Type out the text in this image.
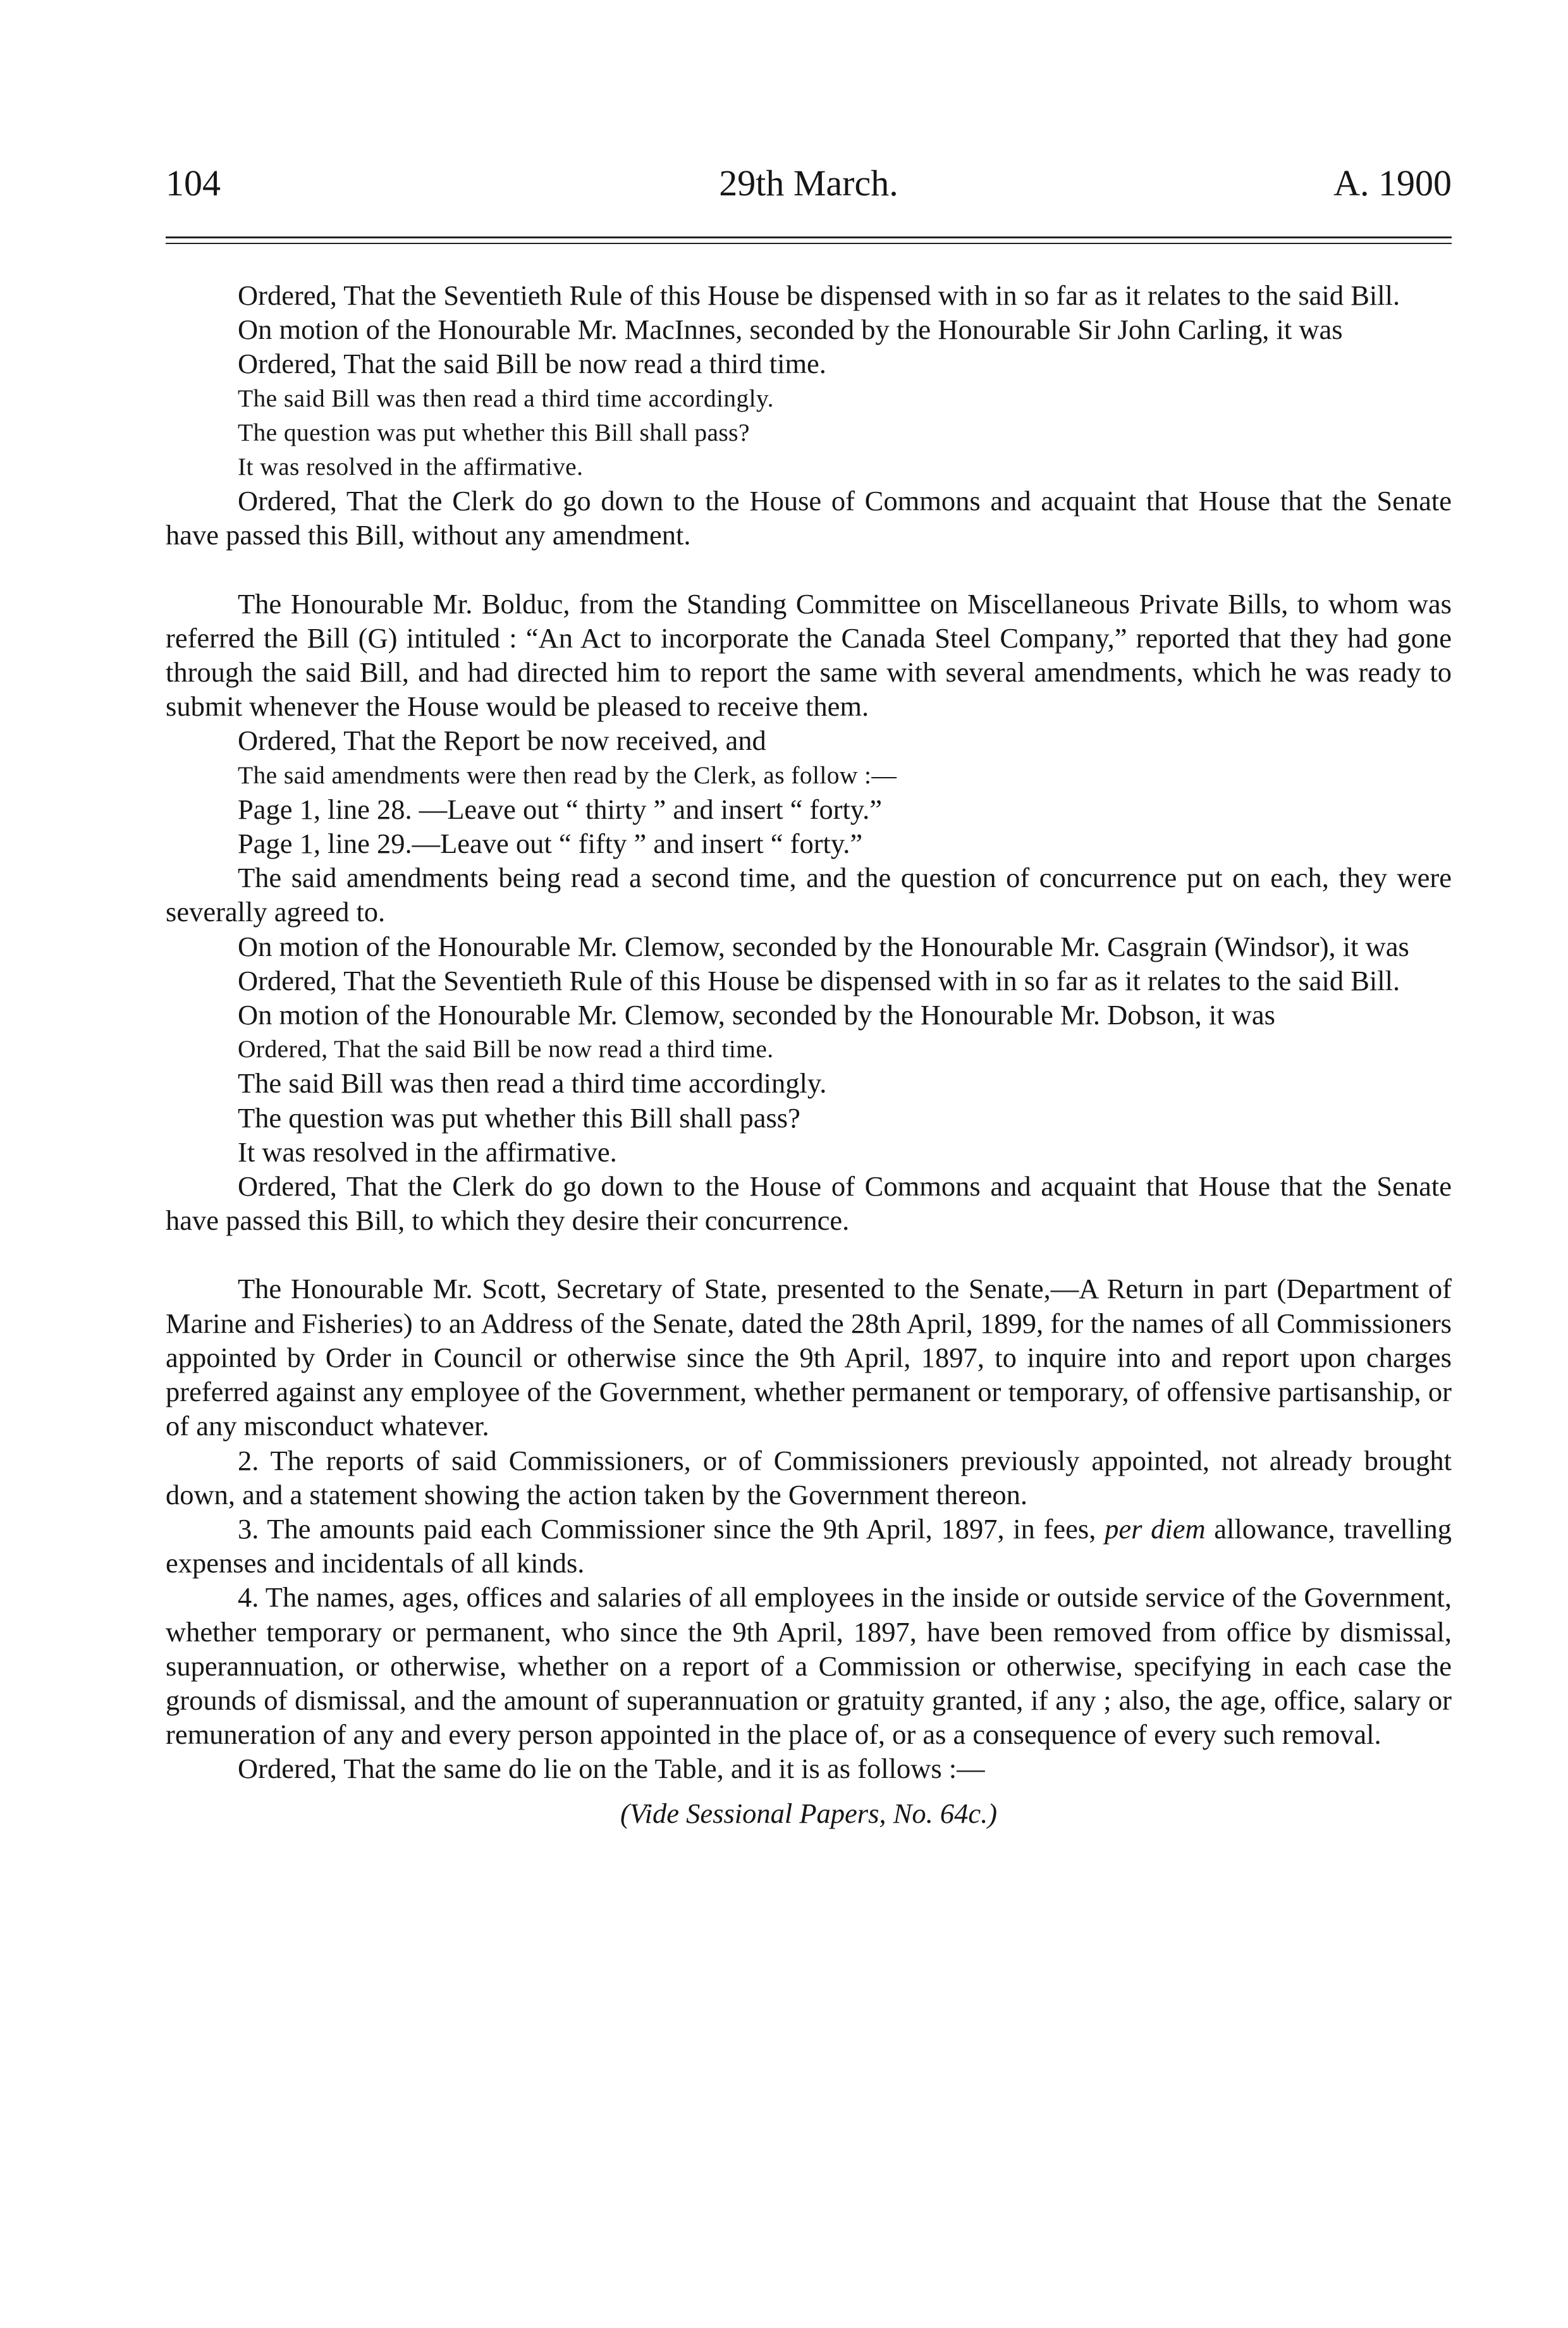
104	29th March.	A. 1900

Ordered, That the Seventieth Rule of this House be dispensed with in so far as it relates to the said Bill.

On motion of the Honourable Mr. MacInnes, seconded by the Honourable Sir John Carling, it was

Ordered, That the said Bill be now read a third time.

The said Bill was then read a third time accordingly.

The question was put whether this Bill shall pass?

It was resolved in the affirmative.

Ordered, That the Clerk do go down to the House of Commons and acquaint that House that the Senate have passed this Bill, without any amendment.

The Honourable Mr. Bolduc, from the Standing Committee on Miscellaneous Private Bills, to whom was referred the Bill (G) intituled : “An Act to incorporate the Canada Steel Company,” reported that they had gone through the said Bill, and had directed him to report the same with several amendments, which he was ready to submit whenever the House would be pleased to receive them.

Ordered, That the Report be now received, and

The said amendments were then read by the Clerk, as follow :—

Page 1, line 28. —Leave out “ thirty ” and insert “ forty.”

Page 1, line 29.—Leave out “ fifty ” and insert “ forty.”

The said amendments being read a second time, and the question of concurrence put on each, they were severally agreed to.

On motion of the Honourable Mr. Clemow, seconded by the Honourable Mr. Casgrain (Windsor), it was

Ordered, That the Seventieth Rule of this House be dispensed with in so far as it relates to the said Bill.

On motion of the Honourable Mr. Clemow, seconded by the Honourable Mr. Dobson, it was

Ordered, That the said Bill be now read a third time.

The said Bill was then read a third time accordingly.

The question was put whether this Bill shall pass?

It was resolved in the affirmative.

Ordered, That the Clerk do go down to the House of Commons and acquaint that House that the Senate have passed this Bill, to which they desire their concurrence.

The Honourable Mr. Scott, Secretary of State, presented to the Senate,—A Return in part (Department of Marine and Fisheries) to an Address of the Senate, dated the 28th April, 1899, for the names of all Commissioners appointed by Order in Council or otherwise since the 9th April, 1897, to inquire into and report upon charges preferred against any employee of the Government, whether permanent or temporary, of offensive partisanship, or of any misconduct whatever.

2. The reports of said Commissioners, or of Commissioners previously appointed, not already brought down, and a statement showing the action taken by the Government thereon.

3. The amounts paid each Commissioner since the 9th April, 1897, in fees, per diem allowance, travelling expenses and incidentals of all kinds.

4. The names, ages, offices and salaries of all employees in the inside or outside service of the Government, whether temporary or permanent, who since the 9th April, 1897, have been removed from office by dismissal, superannuation, or otherwise, whether on a report of a Commission or otherwise, specifying in each case the grounds of dismissal, and the amount of superannuation or gratuity granted, if any ; also, the age, office, salary or remuneration of any and every person appointed in the place of, or as a consequence of every such removal.

Ordered, That the same do lie on the Table, and it is as follows :—

(Vide Sessional Papers, No. 64c.)
